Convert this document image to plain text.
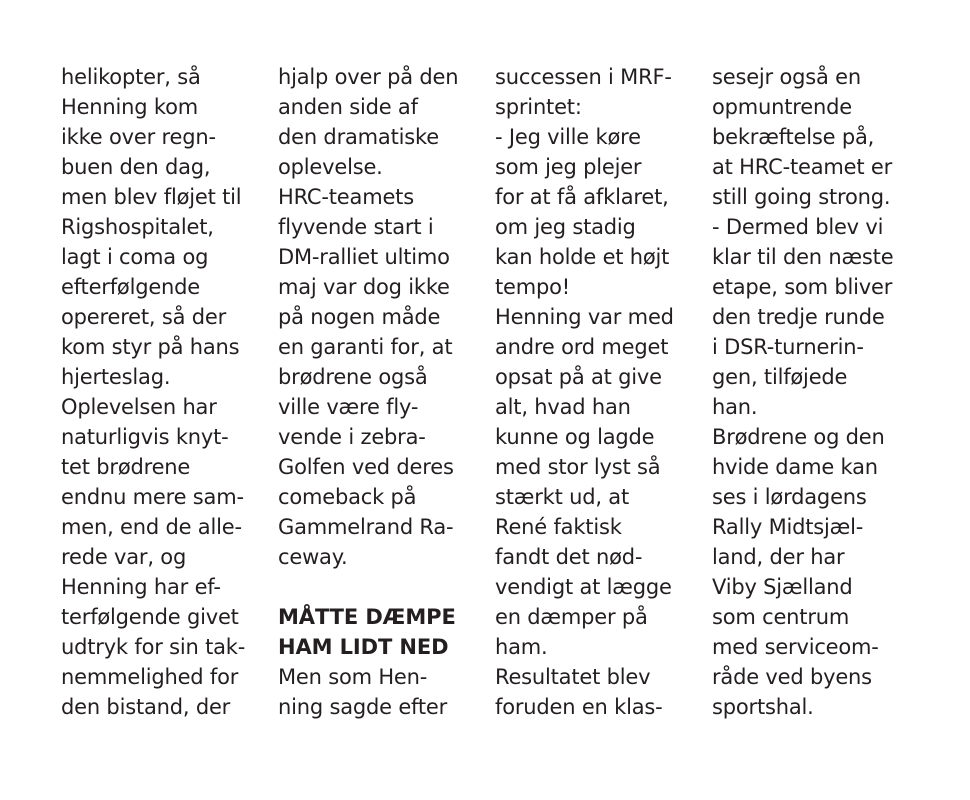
helikopter, så
Henning kom
ikke over regn-
buen den dag,
men blev fløjet til
Rigshospitalet,
lagt i coma og
efterfølgende
opereret, så der
kom styr på hans
hjerteslag.
Oplevelsen har
naturligvis knyt-
tet brødrene
endnu mere sam-
men, end de alle-
rede var, og
Henning har ef-
terfølgende givet
udtryk for sin tak-
nemmelighed for
den bistand, der
hjalp over på den
anden side af
den dramatiske
oplevelse.
HRC-teamets
flyvende start i
DM-ralliet ultimo
maj var dog ikke
på nogen måde
en garanti for, at
brødrene også
ville være fly-
vende i zebra-
Golfen ved deres
comeback på
Gammelrand Ra-
ceway.
MÅTTE DÆMPE
HAM LIDT NED
Men som Hen-
ning sagde efter
successen i MRF-
sprintet:
- Jeg ville køre
som jeg plejer
for at få afklaret,
om jeg stadig
kan holde et højt
tempo!
Henning var med
andre ord meget
opsat på at give
alt, hvad han
kunne og lagde
med stor lyst så
stærkt ud, at
René faktisk
fandt det nød-
vendigt at lægge
en dæmper på
ham.
Resultatet blev
foruden en klas-
sesejr også en
opmuntrende
bekræftelse på,
at HRC-teamet er
still going strong.
- Dermed blev vi
klar til den næste
etape, som bliver
den tredje runde
i DSR-turnerin-
gen, tilføjede
han.
Brødrene og den
hvide dame kan
ses i lørdagens
Rally Midtsjæl-
land, der har
Viby Sjælland
som centrum
med serviceom-
råde ved byens
sportshal.
